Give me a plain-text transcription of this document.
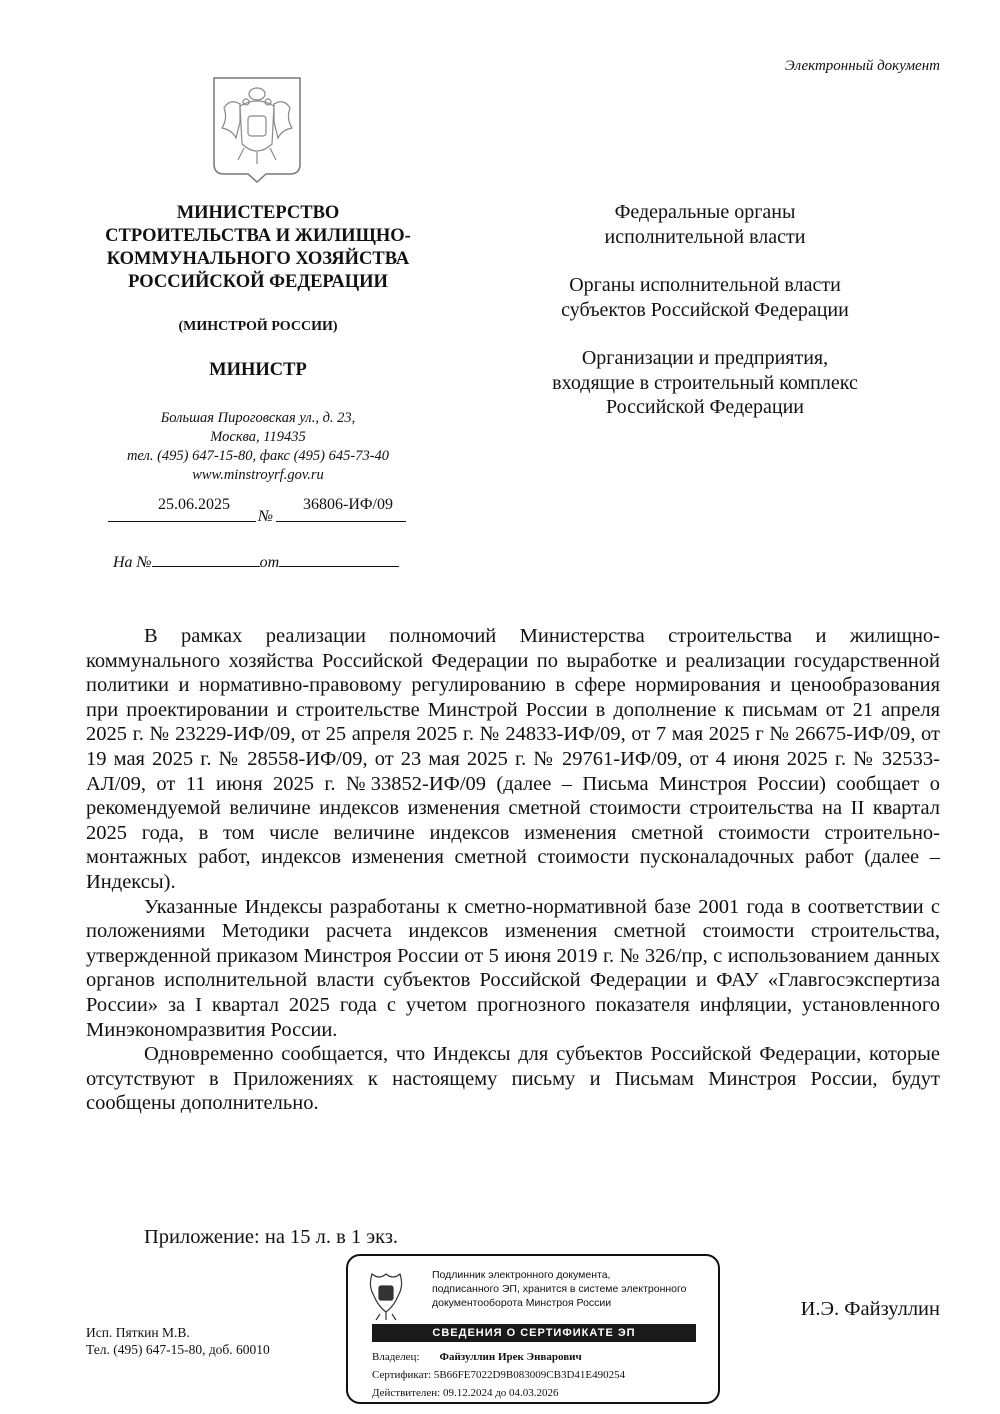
Электронный документ
МИНИСТЕРСТВО
СТРОИТЕЛЬСТВА И ЖИЛИЩНО-
КОММУНАЛЬНОГО ХОЗЯЙСТВА
РОССИЙСКОЙ ФЕДЕРАЦИИ
(МИНСТРОЙ РОССИИ)
МИНИСТР
Большая Пироговская ул., д. 23,
Москва, 119435
тел. (495) 647-15-80, факс (495) 645-73-40
www.minstroyrf.gov.ru
25.06.2025	36806-ИФ/09
№
На №	от
Федеральные органы
исполнительной власти
Органы исполнительной власти
субъектов Российской Федерации
Организации и предприятия,
входящие в строительный комплекс
Российской Федерации

В рамках реализации полномочий Министерства строительства и жилищно-коммунального хозяйства Российской Федерации по выработке и реализации государственной политики и нормативно-правовому регулированию в сфере нормирования и ценообразования при проектировании и строительстве Минстрой России в дополнение к письмам от 21 апреля 2025 г. № 23229-ИФ/09, от 25 апреля 2025 г. № 24833-ИФ/09, от 7 мая 2025 г № 26675-ИФ/09, от 19 мая 2025 г. № 28558-ИФ/09, от 23 мая 2025 г. № 29761-ИФ/09, от 4 июня 2025 г. № 32533-АЛ/09, от 11 июня 2025 г. №33852-ИФ/09 (далее – Письма Минстроя России) сообщает о рекомендуемой величине индексов изменения сметной стоимости строительства на II квартал 2025 года, в том числе величине индексов изменения сметной стоимости строительно-монтажных работ, индексов изменения сметной стоимости пусконаладочных работ (далее – Индексы).

Указанные Индексы разработаны к сметно-нормативной базе 2001 года в соответствии с положениями Методики расчета индексов изменения сметной стоимости строительства, утвержденной приказом Минстроя России от 5 июня 2019 г. № 326/пр, с использованием данных органов исполнительной власти субъектов Российской Федерации и ФАУ «Главгосэкспертиза России» за I квартал 2025 года с учетом прогнозного показателя инфляции, установленного Минэкономразвития России.

Одновременно сообщается, что Индексы для субъектов Российской Федерации, которые отсутствуют в Приложениях к настоящему письму и Письмам Минстроя России, будут сообщены дополнительно.

Приложение: на 15 л. в 1 экз.
Подлинник электронного документа,
подписанного ЭП, хранится в системе электронного
документооборота Минстроя России
СВЕДЕНИЯ О СЕРТИФИКАТЕ ЭП
Владелец: Файзуллин Ирек Энварович
Сертификат: 5B66FE7022D9B083009CB3D41E490254
Действителен: 09.12.2024 до 04.03.2026
И.Э. Файзуллин
Исп. Пяткин М.В.
Тел. (495) 647-15-80, доб. 60010
